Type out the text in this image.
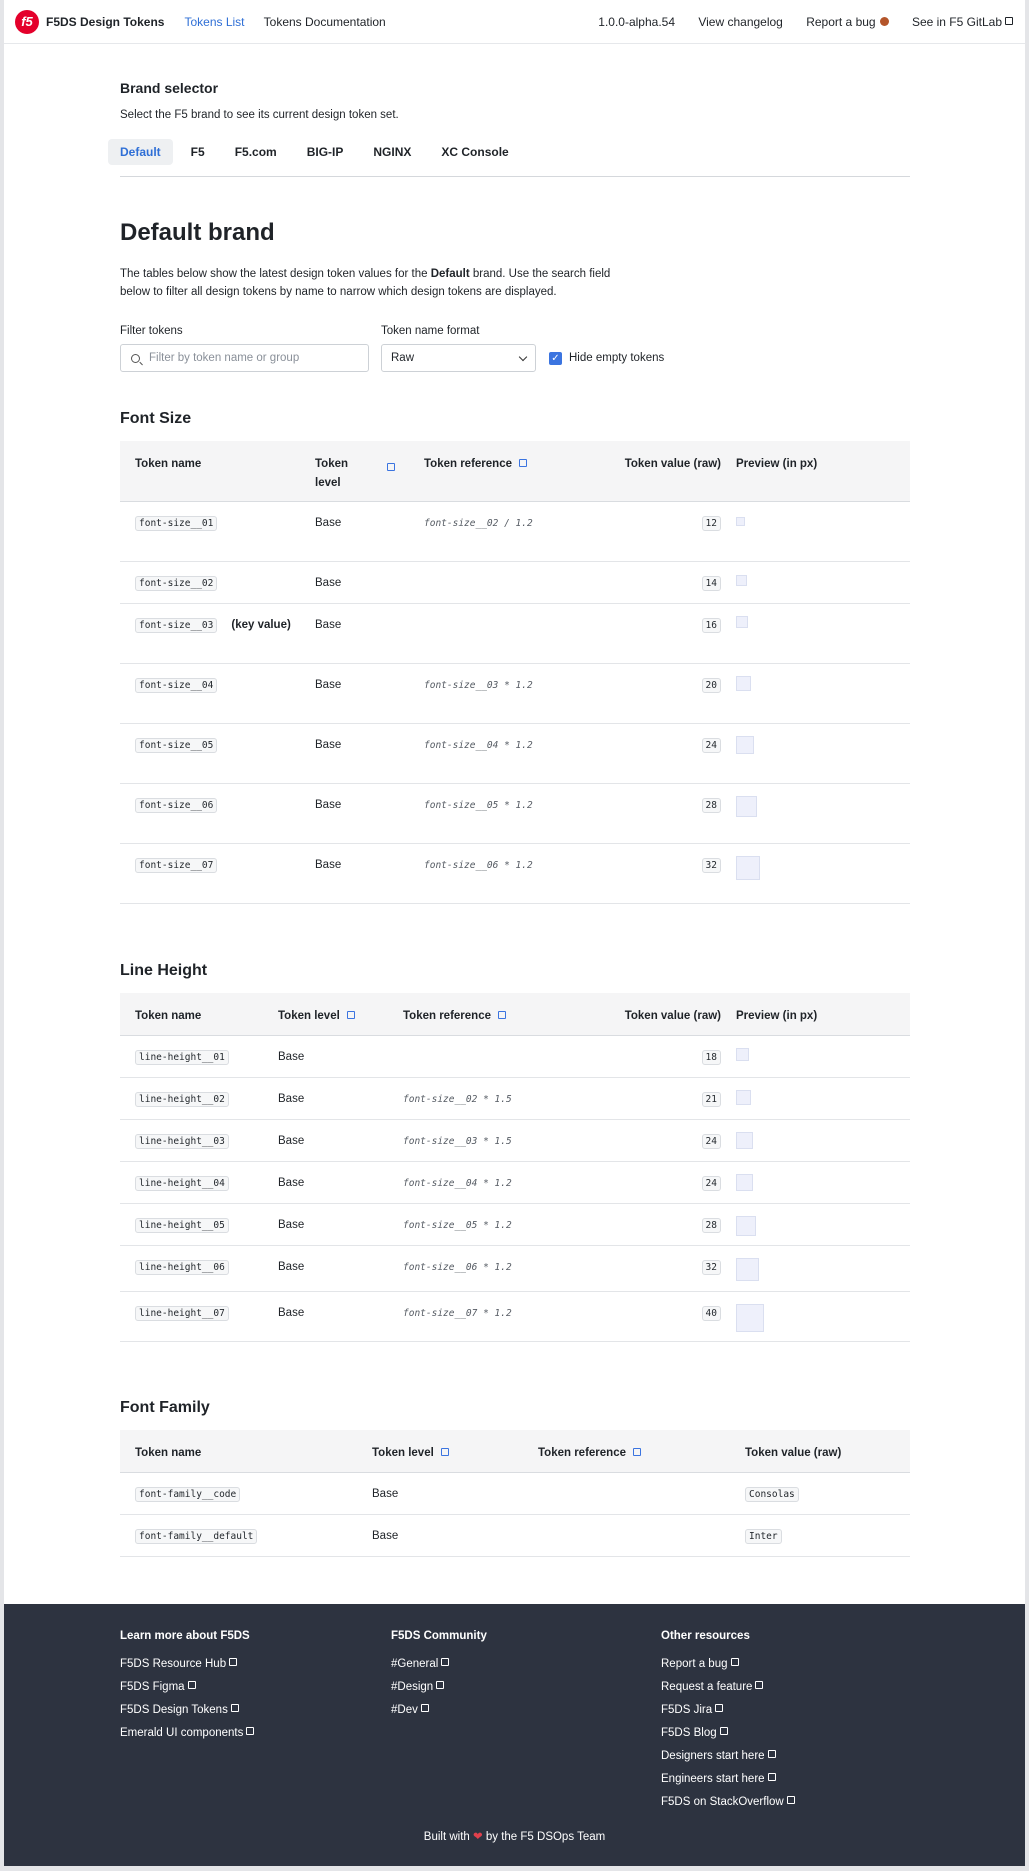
f5	F5DS Design Tokens Tokens List Tokens Documentation	1.0.0-alpha.54 View changelog Report a bug	See in F5 GitLab
Brand selector
Select the F5 brand to see its current design token set.
Default	F5	F5.com	BIG-IP	NGINX	XC Console
Default brand
The tables below show the latest design token values for the Default brand. Use the search field below to filter all design tokens by name to narrow which design tokens are displayed.
Filter tokens
Filter by token name or group
Token name format
Raw	✓ Hide empty tokens
Font Size
Token name	Token level	Token reference	Token value (raw)	Preview (in px)
font-size__01	Base	font-size__02 / 1.2	12	
font-size__02	Base		14	
font-size__03 (key value)	Base		16	
font-size__04	Base	font-size__03 * 1.2	20	
font-size__05	Base	font-size__04 * 1.2	24	
font-size__06	Base	font-size__05 * 1.2	28	
font-size__07	Base	font-size__06 * 1.2	32	
Line Height
Token name	Token level	Token reference	Token value (raw)	Preview (in px)
line-height__01	Base		18	
line-height__02	Base	font-size__02 * 1.5	21	
line-height__03	Base	font-size__03 * 1.5	24	
line-height__04	Base	font-size__04 * 1.2	24	
line-height__05	Base	font-size__05 * 1.2	28	
line-height__06	Base	font-size__06 * 1.2	32	
line-height__07	Base	font-size__07 * 1.2	40	
Font Family
Token name	Token level	Token reference	Token value (raw)
font-family__code	Base		Consolas
font-family__default	Base		Inter
Learn more about F5DS
F5DS Resource Hub
F5DS Figma
F5DS Design Tokens
Emerald UI components
F5DS Community
#General
#Design
#Dev
Other resources
Report a bug
Request a feature
F5DS Jira
F5DS Blog
Designers start here
Engineers start here
F5DS on StackOverflow
Built with ❤ by the F5 DSOps Team
